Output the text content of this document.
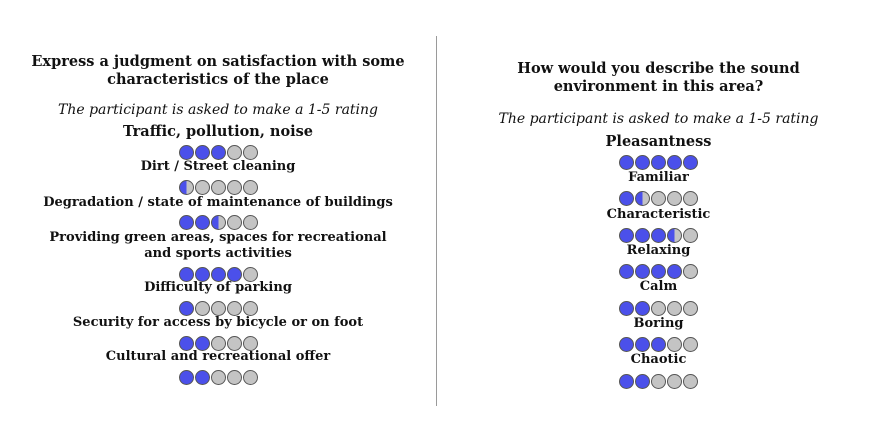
Express a judgment on satisfaction with some characteristics of the place
The participant is asked to make a 1-5 rating
Traffic, pollution, noise
Dirt / Street cleaning
Degradation / state of maintenance of buildings
Providing green areas, spaces for recreational and sports activities
Difficulty of parking
Security for access by bicycle or on foot
Cultural and recreational offer
How would you describe the sound environment in this area?
The participant is asked to make a 1-5 rating
Pleasantness
Familiar
Characteristic
Relaxing
Calm
Boring
Chaotic
